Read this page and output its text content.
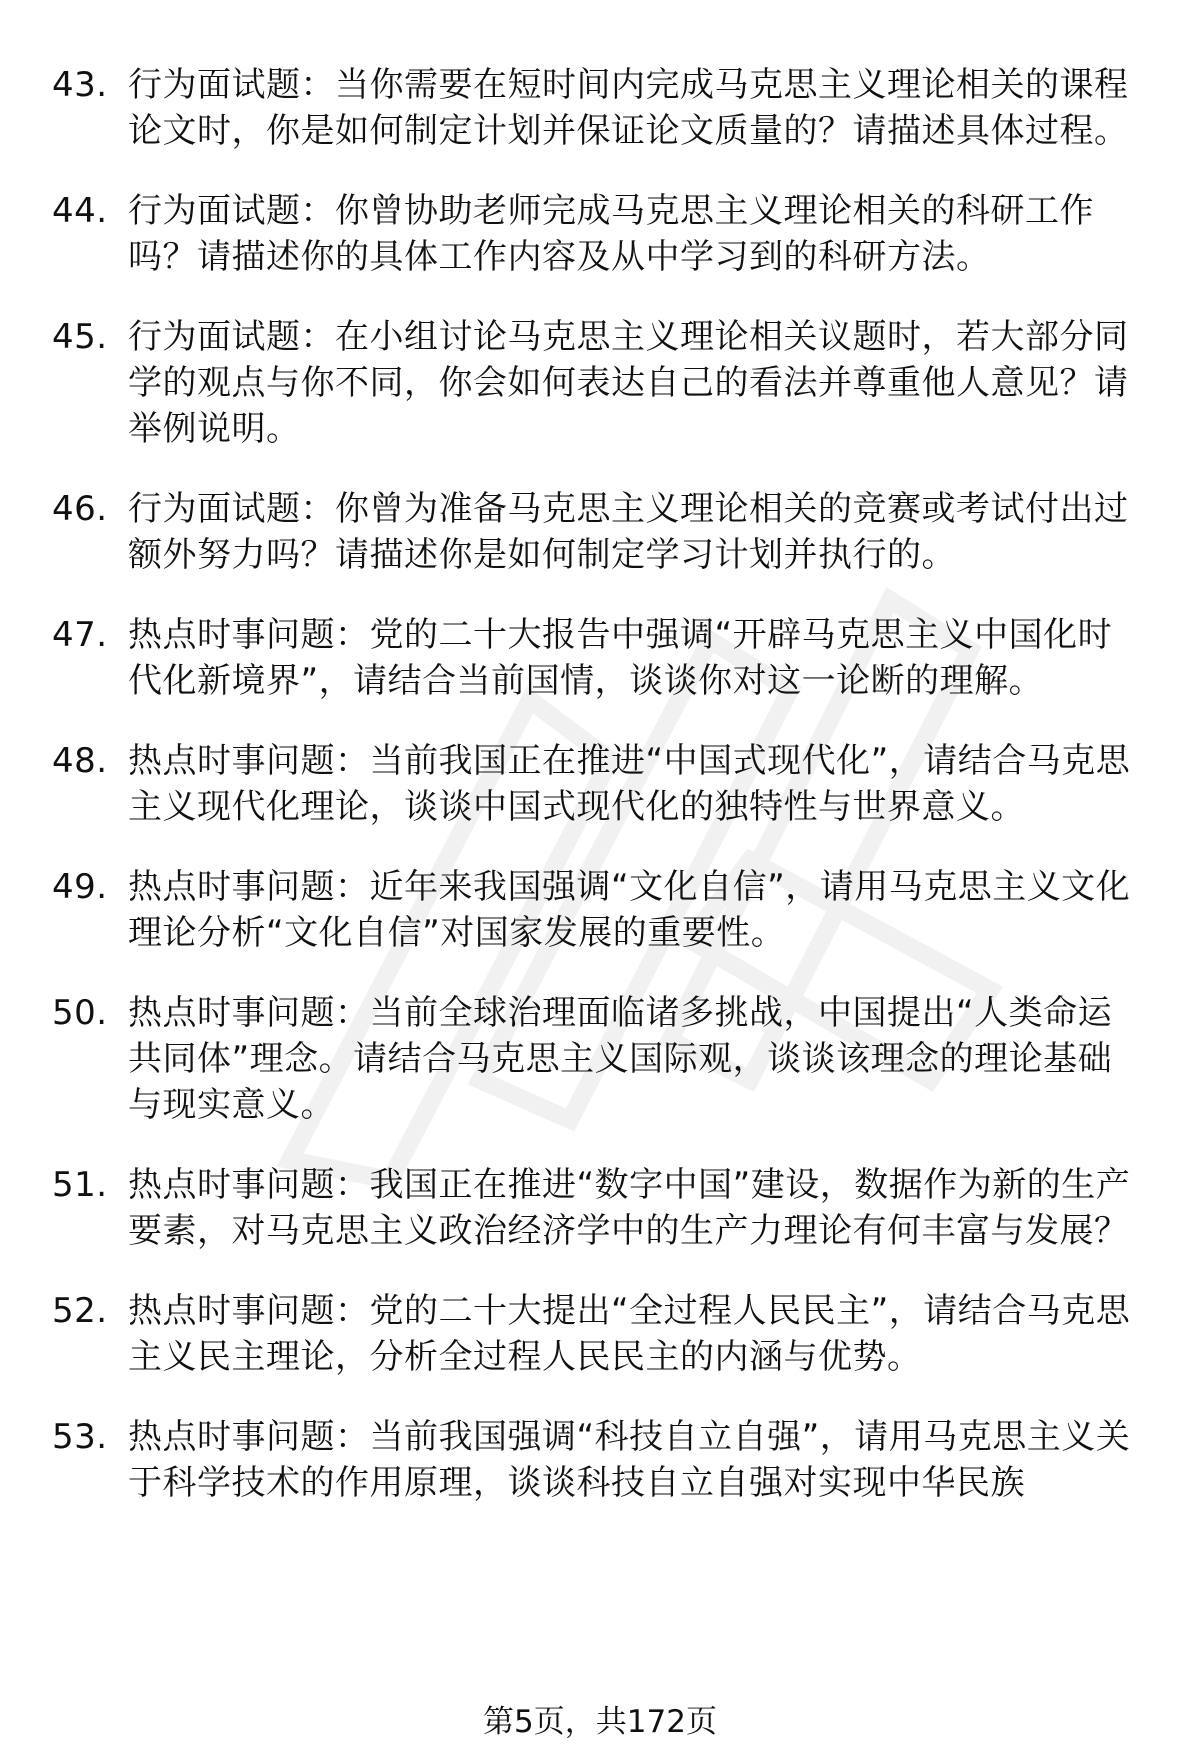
43. 行为面试题：当你需要在短时间内完成马克思主义理论相关的课程论文时，你是如何制定计划并保证论文质量的？请描述具体过程。
44. 行为面试题：你曾协助老师完成马克思主义理论相关的科研工作吗？请描述你的具体工作内容及从中学习到的科研方法。
45. 行为面试题：在小组讨论马克思主义理论相关议题时，若大部分同学的观点与你不同，你会如何表达自己的看法并尊重他人意见？请举例说明。
46. 行为面试题：你曾为准备马克思主义理论相关的竞赛或考试付出过额外努力吗？请描述你是如何制定学习计划并执行的。
47. 热点时事问题：党的二十大报告中强调“开辟马克思主义中国化时代化新境界”，请结合当前国情，谈谈你对这一论断的理解。
48. 热点时事问题：当前我国正在推进“中国式现代化”，请结合马克思主义现代化理论，谈谈中国式现代化的独特性与世界意义。
49. 热点时事问题：近年来我国强调“文化自信”，请用马克思主义文化理论分析“文化自信”对国家发展的重要性。
50. 热点时事问题：当前全球治理面临诸多挑战，中国提出“人类命运共同体”理念。请结合马克思主义国际观，谈谈该理念的理论基础与现实意义。
51. 热点时事问题：我国正在推进“数字中国”建设，数据作为新的生产要素，对马克思主义政治经济学中的生产力理论有何丰富与发展？
52. 热点时事问题：党的二十大提出“全过程人民民主”，请结合马克思主义民主理论，分析全过程人民民主的内涵与优势。
53. 热点时事问题：当前我国强调“科技自立自强”，请用马克思主义关于科学技术的作用原理，谈谈科技自立自强对实现中华民族
第5页，共172页
